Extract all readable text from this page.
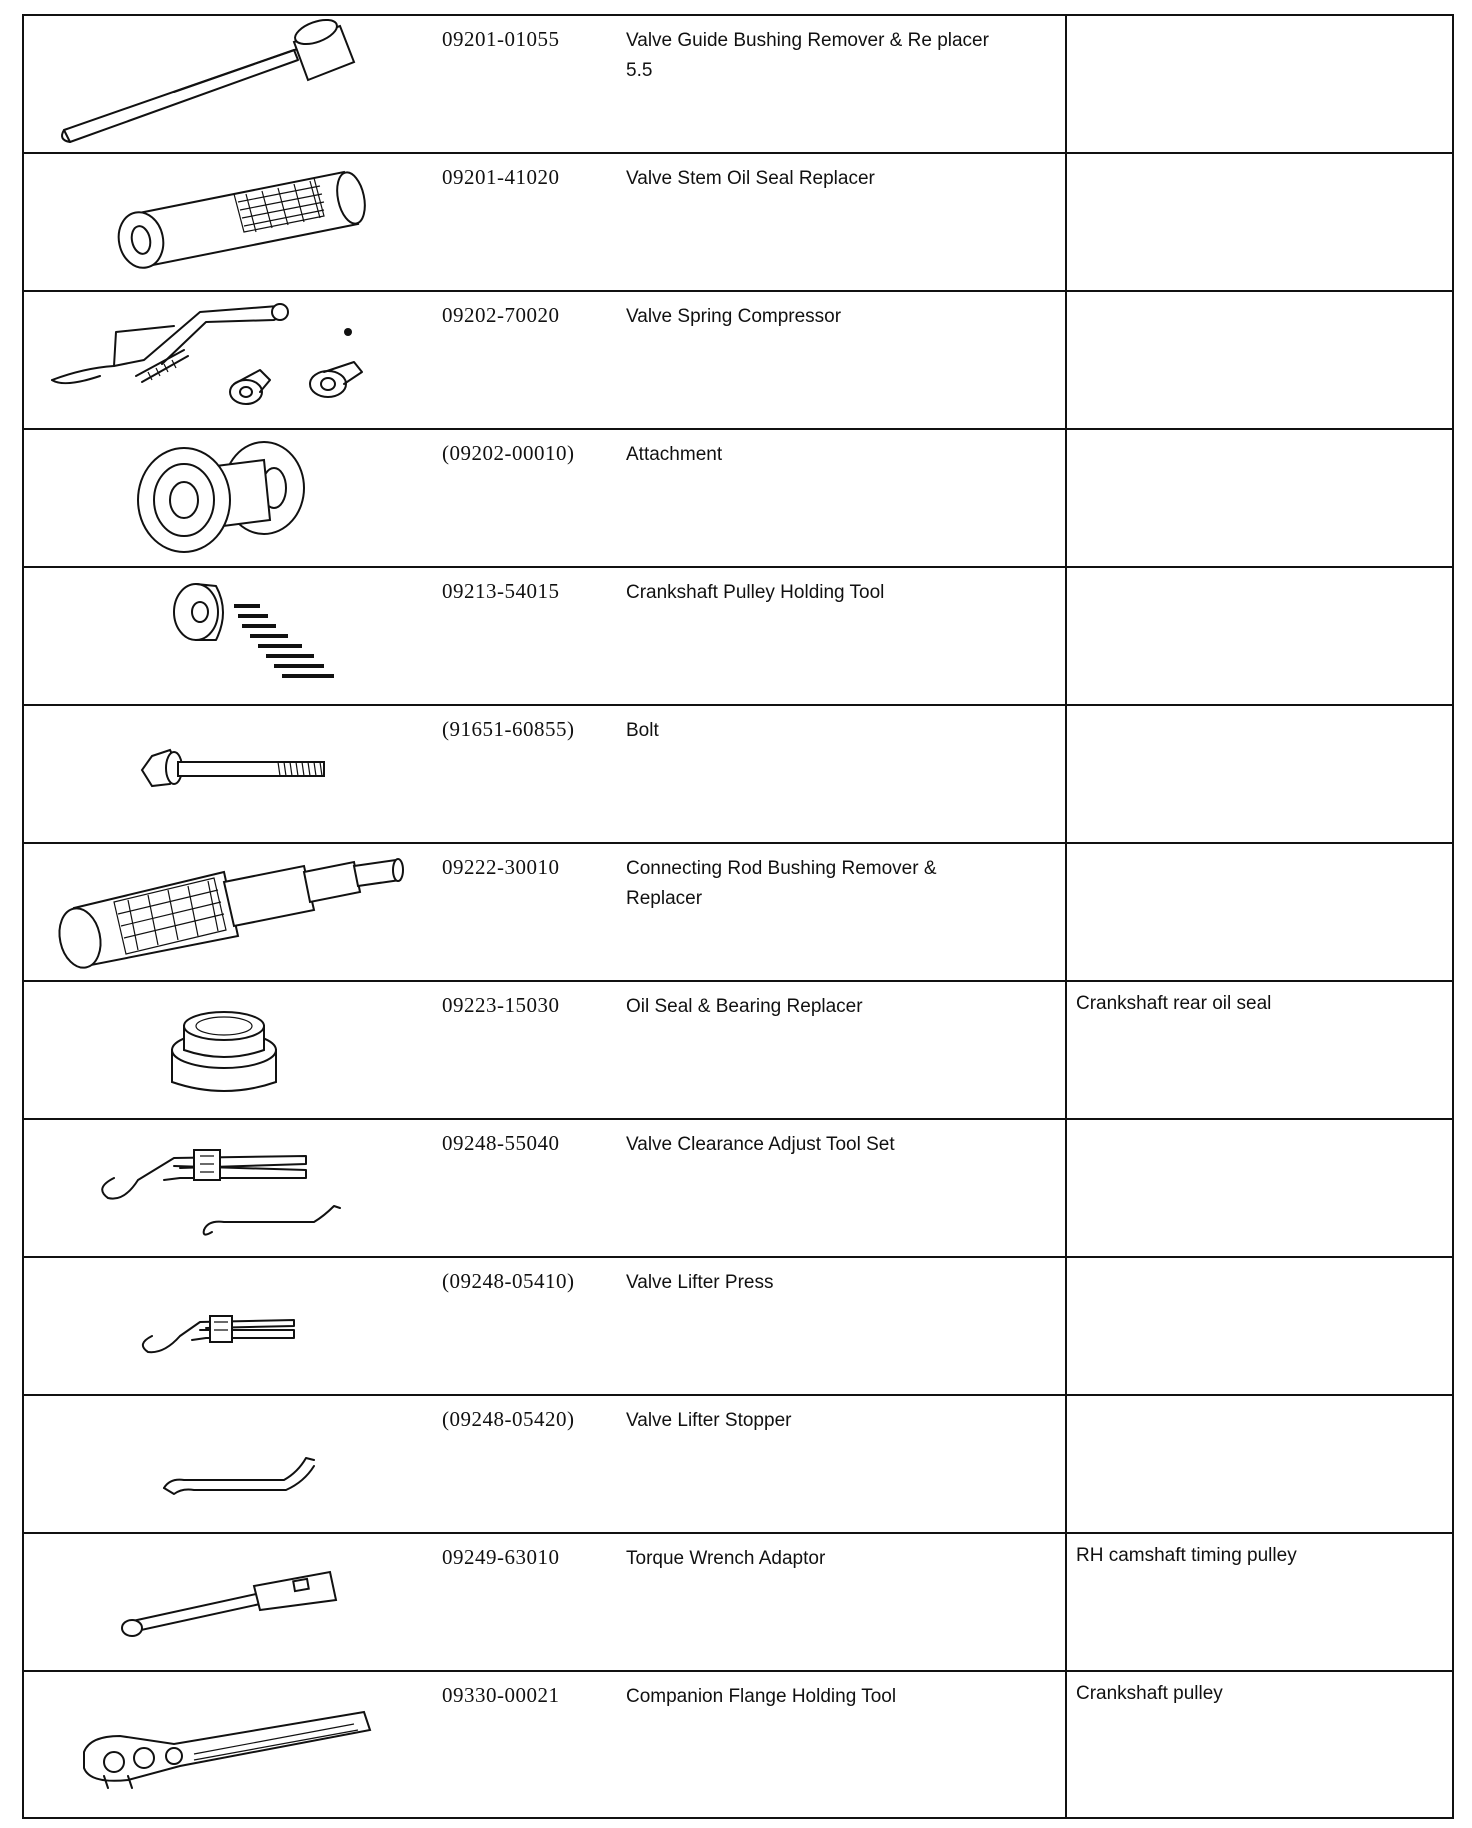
09201-01055	Valve Guide Bushing Remover & Re placer 5.5
09201-41020	Valve Stem Oil Seal Replacer
09202-70020	Valve Spring Compressor
(09202-00010)	Attachment
09213-54015	Crankshaft Pulley Holding Tool
(91651-60855)	Bolt
09222-30010	Connecting Rod Bushing Remover & Replacer
09223-15030	Oil Seal & Bearing Replacer	Crankshaft rear oil seal
09248-55040	Valve Clearance Adjust Tool Set
(09248-05410)	Valve Lifter Press
(09248-05420)	Valve Lifter Stopper
09249-63010	Torque Wrench Adaptor	RH camshaft timing pulley
09330-00021	Companion Flange Holding Tool	Crankshaft pulley
